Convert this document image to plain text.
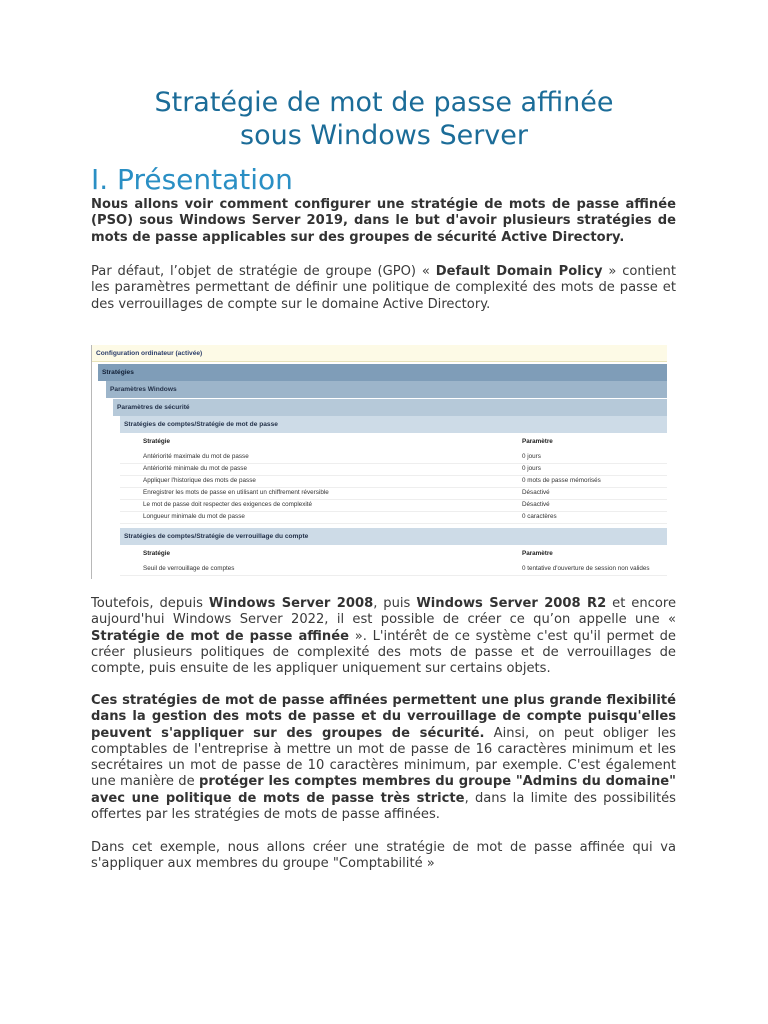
Stratégie de mot de passe affinée
sous Windows Server
I. Présentation

Nous allons voir comment configurer une stratégie de mots de passe affinée (PSO) sous Windows Server 2019, dans le but d'avoir plusieurs stratégies de mots de passe applicables sur des groupes de sécurité Active Directory.

Par défaut, l’objet de stratégie de groupe (GPO) « Default Domain Policy » contient les paramètres permettant de définir une politique de complexité des mots de passe et des verrouillages de compte sur le domaine Active Directory.

Configuration ordinateur (activée)
Stratégies
Paramètres Windows
Paramètres de sécurité
Stratégies de comptes/Stratégie de mot de passe
Stratégie	Paramètre
Antériorité maximale du mot de passe	0 jours
Antériorité minimale du mot de passe	0 jours
Appliquer l'historique des mots de passe	0 mots de passe mémorisés
Enregistrer les mots de passe en utilisant un chiffrement réversible	Désactivé
Le mot de passe doit respecter des exigences de complexité	Désactivé
Longueur minimale du mot de passe	0 caractères
Stratégies de comptes/Stratégie de verrouillage du compte
Stratégie	Paramètre
Seuil de verrouillage de comptes	0 tentative d'ouverture de session non valides

Toutefois, depuis Windows Server 2008, puis Windows Server 2008 R2 et encore aujourd'hui Windows Server 2022, il est possible de créer ce qu’on appelle une « Stratégie de mot de passe affinée ». L'intérêt de ce système c'est qu'il permet de créer plusieurs politiques de complexité des mots de passe et de verrouillages de compte, puis ensuite de les appliquer uniquement sur certains objets.

Ces stratégies de mot de passe affinées permettent une plus grande flexibilité dans la gestion des mots de passe et du verrouillage de compte puisqu'elles peuvent s'appliquer sur des groupes de sécurité. Ainsi, on peut obliger les comptables de l'entreprise à mettre un mot de passe de 16 caractères minimum et les secrétaires un mot de passe de 10 caractères minimum, par exemple. C'est également une manière de protéger les comptes membres du groupe "Admins du domaine" avec une politique de mots de passe très stricte, dans la limite des possibilités offertes par les stratégies de mots de passe affinées.

Dans cet exemple, nous allons créer une stratégie de mot de passe affinée qui va s'appliquer aux membres du groupe "Comptabilité »
